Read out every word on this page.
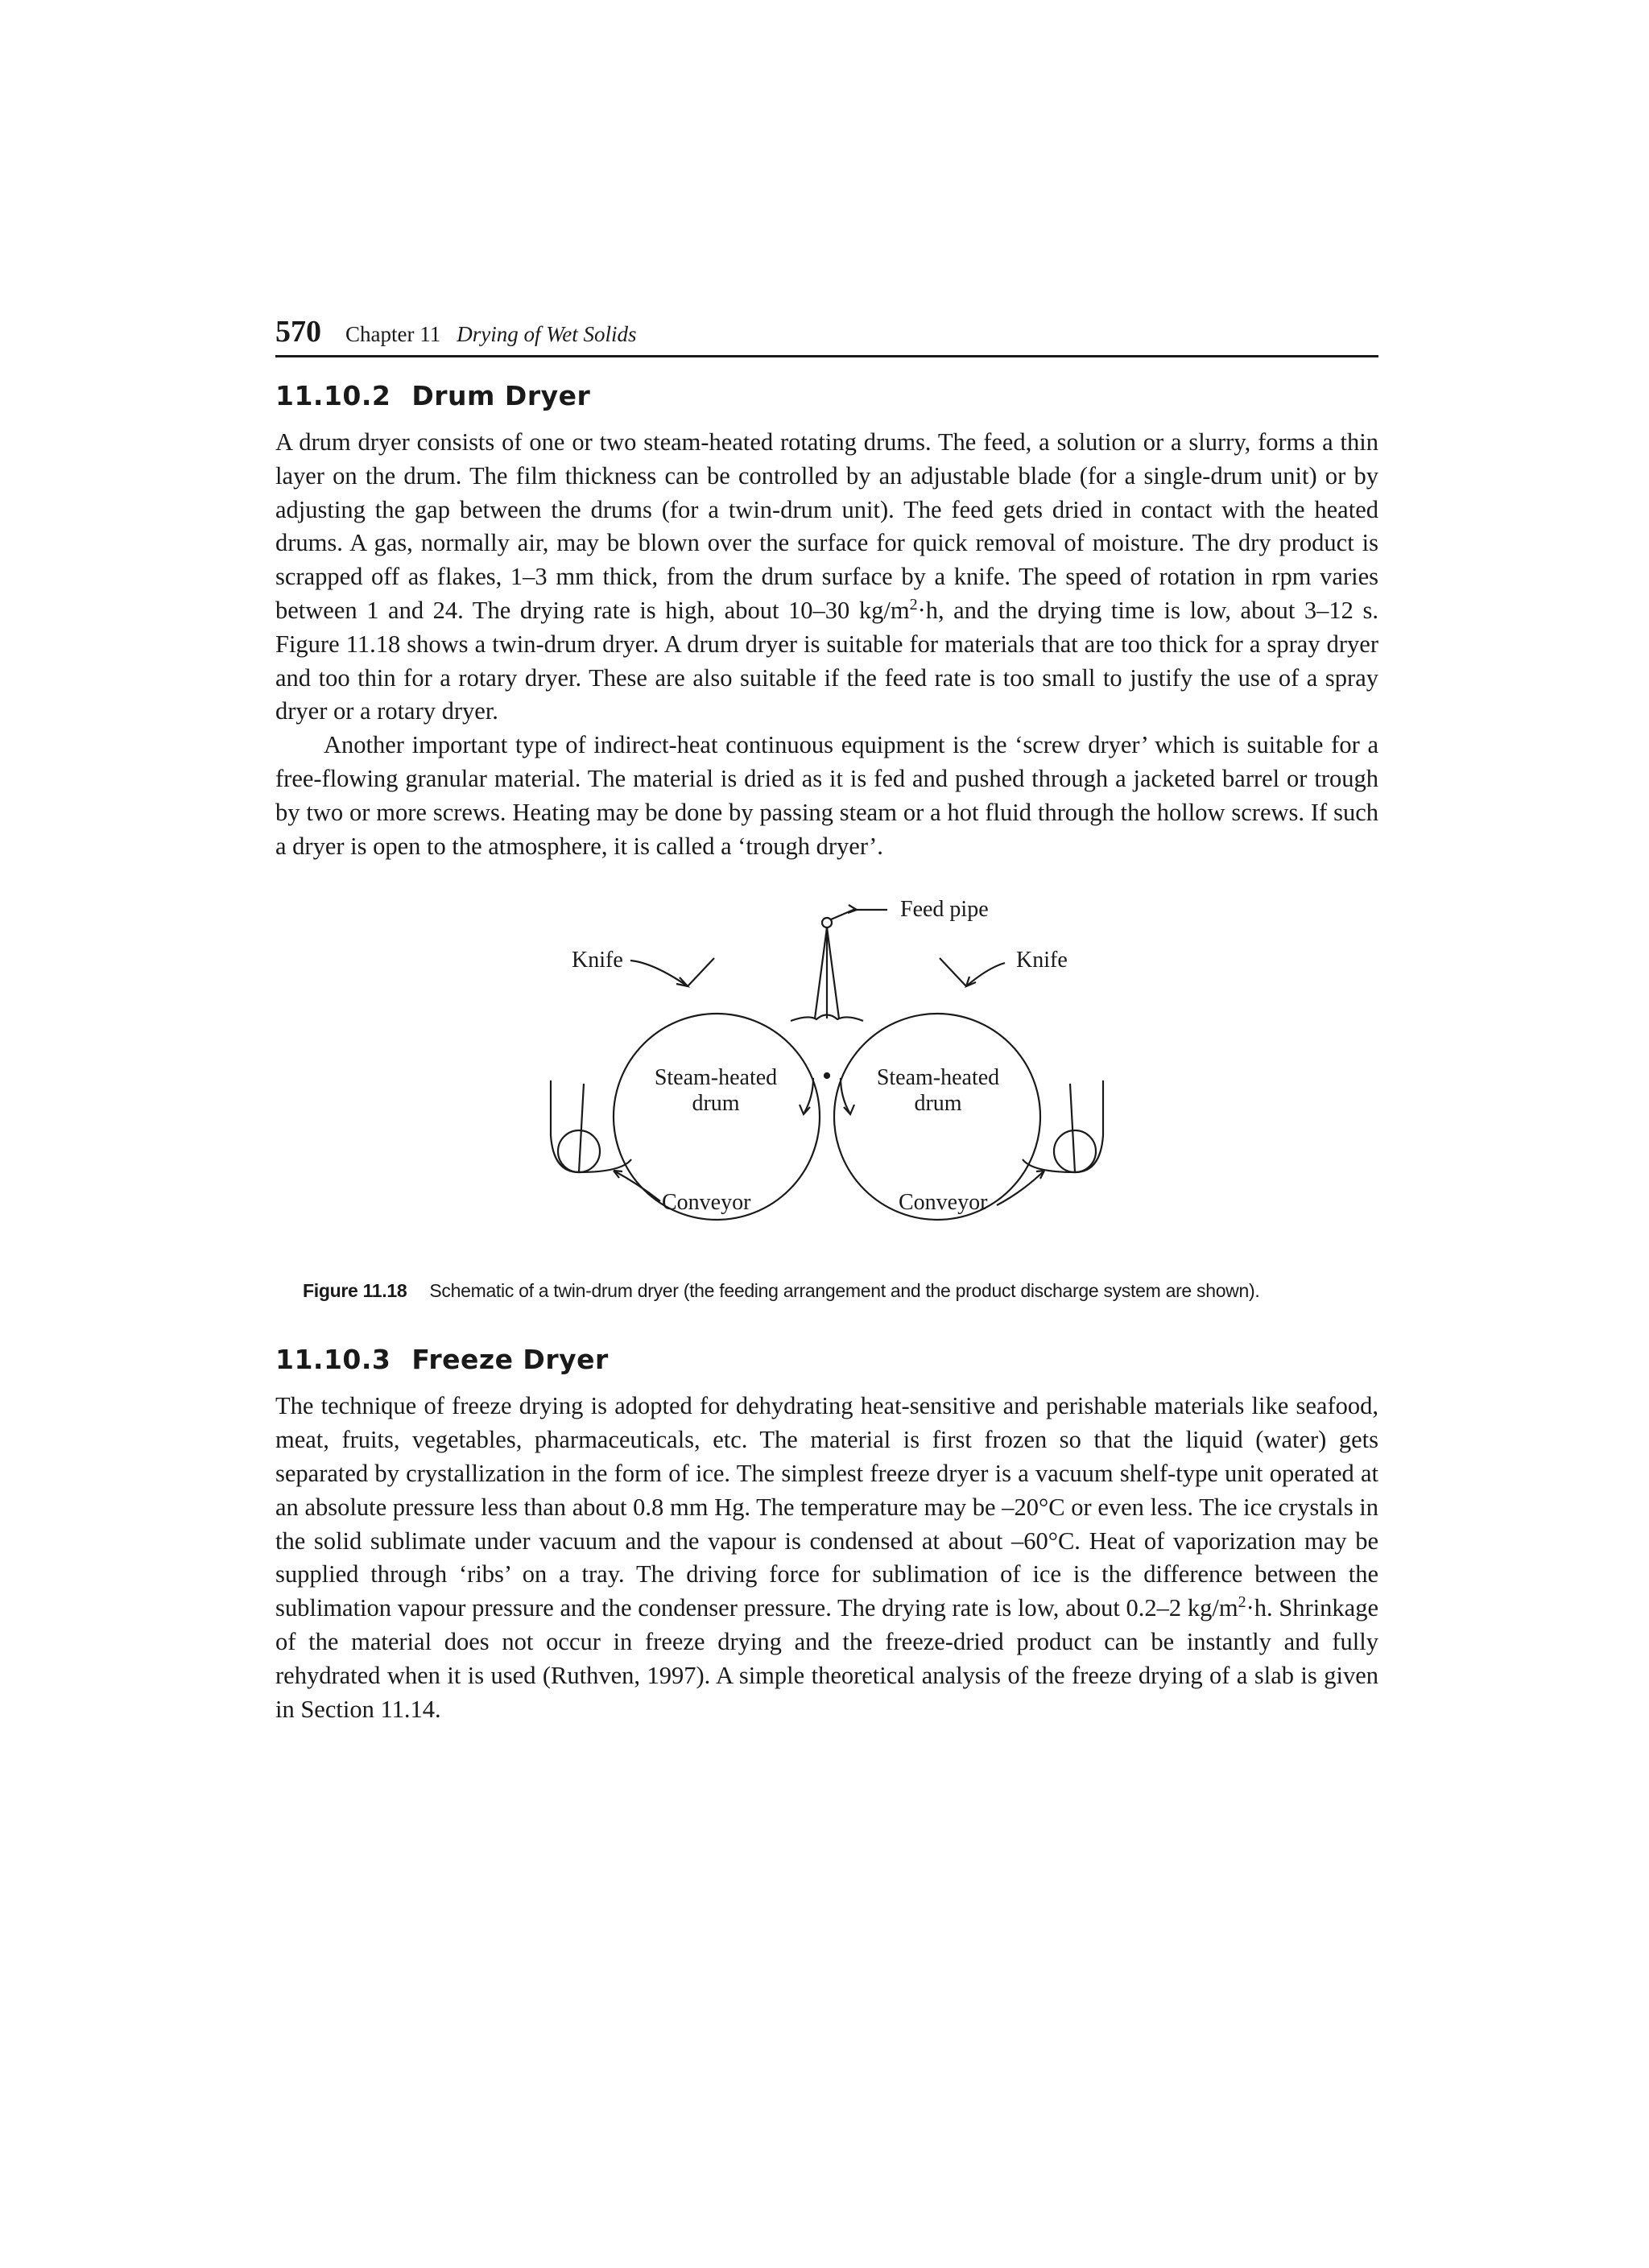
570 Chapter 11 Drying of Wet Solids
11.10.2 Drum Dryer

A drum dryer consists of one or two steam-heated rotating drums. The feed, a solution or a slurry, forms a thin layer on the drum. The film thickness can be controlled by an adjustable blade (for a single-drum unit) or by adjusting the gap between the drums (for a twin-drum unit). The feed gets dried in contact with the heated drums. A gas, normally air, may be blown over the surface for quick removal of moisture. The dry product is scrapped off as flakes, 1–3 mm thick, from the drum surface by a knife. The speed of rotation in rpm varies between 1 and 24. The drying rate is high, about 10–30 $kg/m^2\cdot h$, and the drying time is low, about 3–12 s. Figure 11.18 shows a twin-drum dryer. A drum dryer is suitable for materials that are too thick for a spray dryer and too thin for a rotary dryer. These are also suitable if the feed rate is too small to justify the use of a spray dryer or a rotary dryer.

Another important type of indirect-heat continuous equipment is the ‘screw dryer’ which is suitable for a free-flowing granular material. The material is dried as it is fed and pushed through a jacketed barrel or trough by two or more screws. Heating may be done by passing steam or a hot fluid through the hollow screws. If such a dryer is open to the atmosphere, it is called a ‘trough dryer’.

Feed pipe
Knife	Knife
Steam-heated
drum
Steam-heated
drum
Conveyor	Conveyor
Figure 11.18 Schematic of a twin-drum dryer (the feeding arrangement and the product discharge system are shown).
11.10.3 Freeze Dryer

The technique of freeze drying is adopted for dehydrating heat-sensitive and perishable materials like seafood, meat, fruits, vegetables, pharmaceuticals, etc. The material is first frozen so that the liquid (water) gets separated by crystallization in the form of ice. The simplest freeze dryer is a vacuum shelf-type unit operated at an absolute pressure less than about 0.8 mm Hg. The temperature may be –20°C or even less. The ice crystals in the solid sublimate under vacuum and the vapour is condensed at about –60°C. Heat of vaporization may be supplied through ‘ribs’ on a tray. The driving force for sublimation of ice is the difference between the sublimation vapour pressure and the condenser pressure. The drying rate is low, about 0.2–2 $kg/m^2\cdot h$. Shrinkage of the material does not occur in freeze drying and the freeze-dried product can be instantly and fully rehydrated when it is used (Ruthven, 1997). A simple theoretical analysis of the freeze drying of a slab is given in Section 11.14.
